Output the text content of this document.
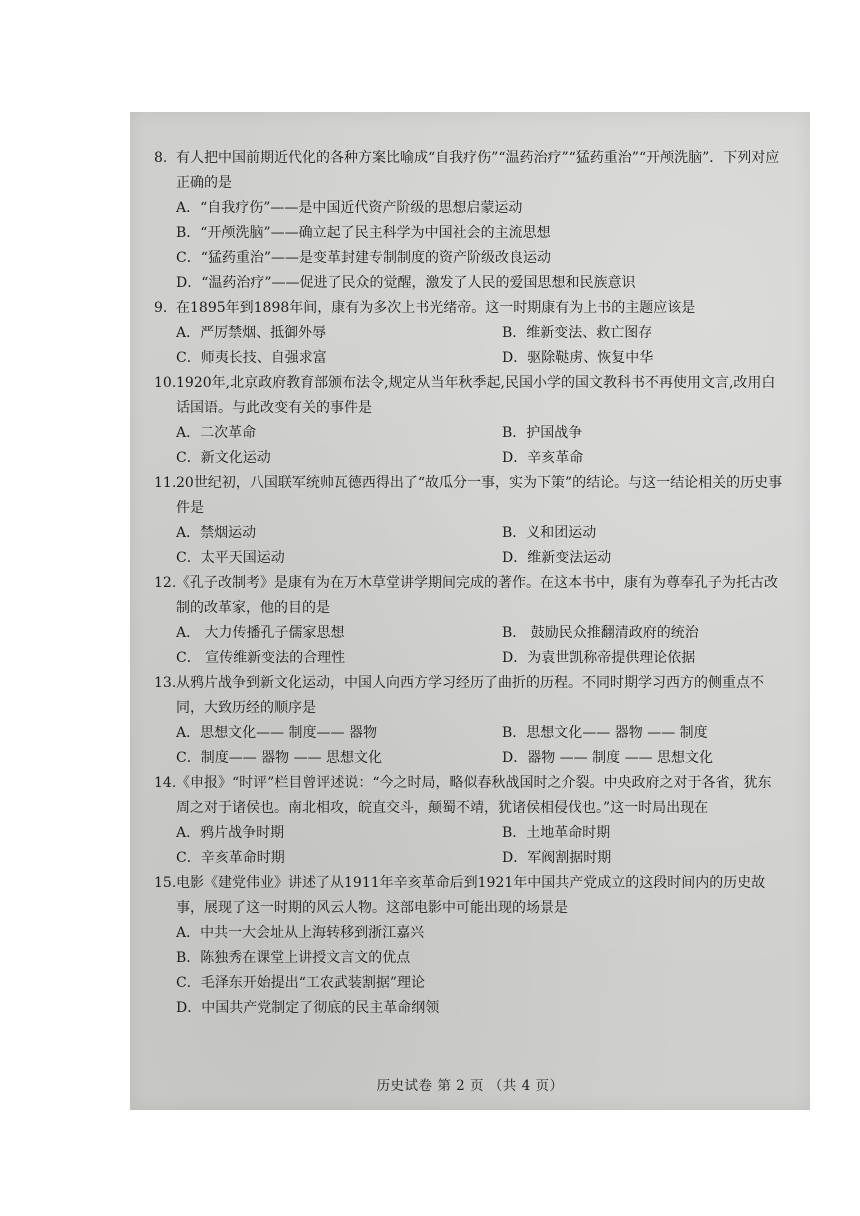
8. 有人把中国前期近代化的各种方案比喻成“自我疗伤”“温药治疗”“猛药重治”“开颅洗脑”．下列对应正确的是
A．“自我疗伤”——是中国近代资产阶级的思想启蒙运动
B．“开颅洗脑”——确立起了民主科学为中国社会的主流思想
C．“猛药重治”——是变革封建专制制度的资产阶级改良运动
D．“温药治疗”——促进了民众的觉醒，激发了人民的爱国思想和民族意识
9. 在1895年到1898年间，康有为多次上书光绪帝。这一时期康有为上书的主题应该是
A．严厉禁烟、抵御外辱	B．维新变法、救亡图存
C．师夷长技、自强求富	D．驱除鞑虏、恢复中华
10. 1920年,北京政府教育部颁布法令,规定从当年秋季起,民国小学的国文教科书不再使用文言,改用白话国语。与此改变有关的事件是
A．二次革命	B．护国战争
C．新文化运动	D．辛亥革命
11. 20世纪初，八国联军统帅瓦德西得出了“故瓜分一事，实为下策”的结论。与这一结论相关的历史事件是
A．禁烟运动	B．义和团运动
C．太平天国运动	D．维新变法运动
12. 《孔子改制考》是康有为在万木草堂讲学期间完成的著作。在这本书中，康有为尊奉孔子为托古改制的改革家，他的目的是
A． 大力传播孔子儒家思想	B． 鼓励民众推翻清政府的统治
C． 宣传维新变法的合理性	D．为袁世凯称帝提供理论依据
13. 从鸦片战争到新文化运动，中国人向西方学习经历了曲折的历程。不同时期学习西方的侧重点不同，大致历经的顺序是
A．思想文化—— 制度—— 器物	B．思想文化—— 器物 —— 制度
C．制度—— 器物 —— 思想文化	D．器物 —— 制度 —— 思想文化
14. 《申报》“时评”栏目曾评述说：“今之时局，略似春秋战国时之介裂。中央政府之对于各省，犹东周之对于诸侯也。南北相攻，皖直交斗，颠蜀不靖，犹诸侯相侵伐也。”这一时局出现在
A．鸦片战争时期	B．土地革命时期
C．辛亥革命时期	D．军阀割据时期
15. 电影《建党伟业》讲述了从1911年辛亥革命后到1921年中国共产党成立的这段时间内的历史故事，展现了这一时期的风云人物。这部电影中可能出现的场景是
A．中共一大会址从上海转移到浙江嘉兴
B．陈独秀在课堂上讲授文言文的优点
C．毛泽东开始提出“工农武装割据”理论
D．中国共产党制定了彻底的民主革命纲领
历史试卷 第 2 页 （共 4 页）
